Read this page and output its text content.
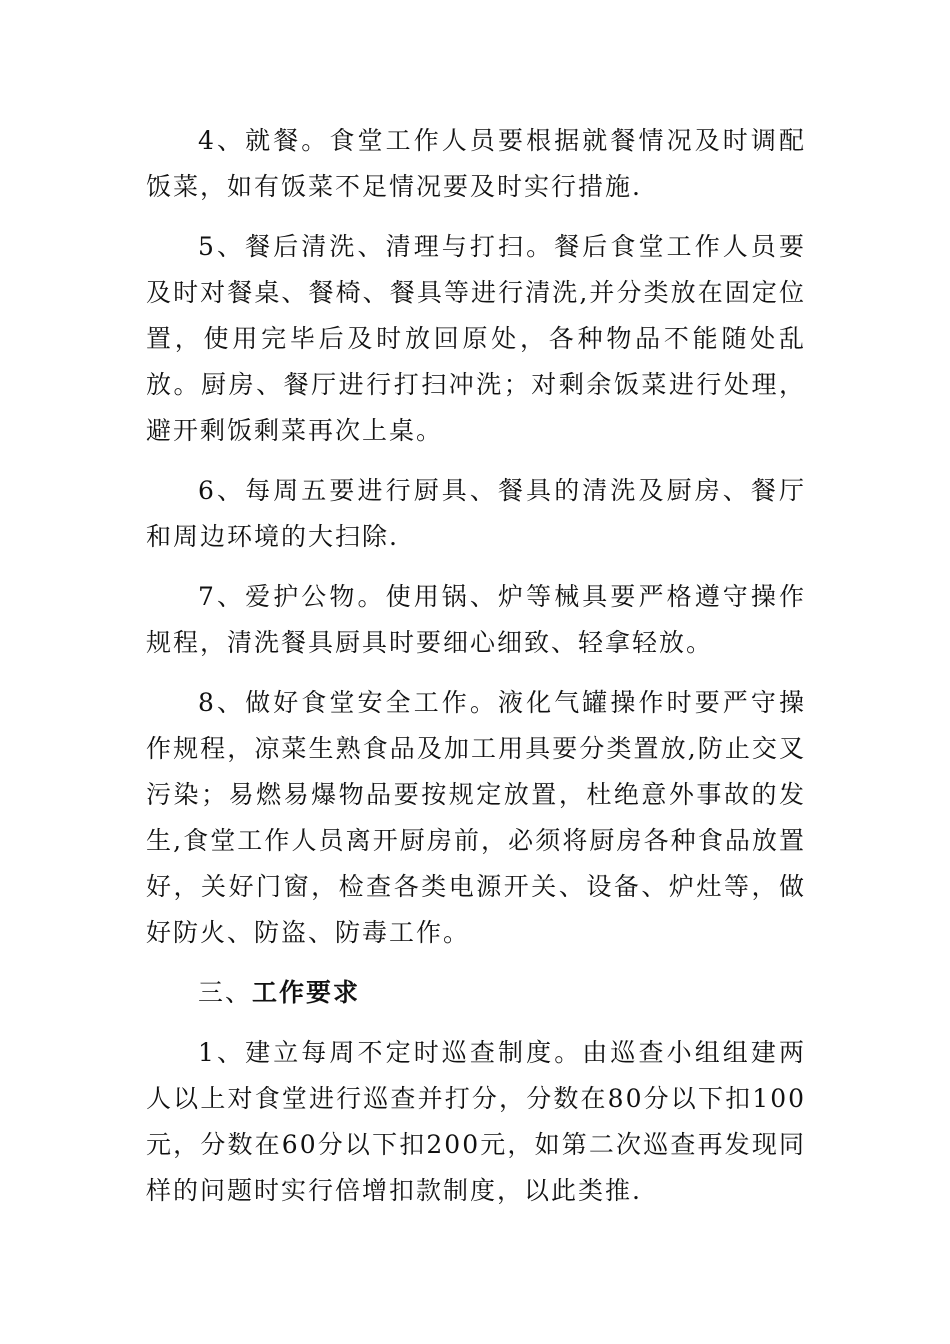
4、就餐。食堂工作人员要根据就餐情况及时调配饭菜，如有饭菜不足情况要及时实行措施.

5、餐后清洗、清理与打扫。餐后食堂工作人员要及时对餐桌、餐椅、餐具等进行清洗,并分类放在固定位置，使用完毕后及时放回原处，各种物品不能随处乱放。厨房、餐厅进行打扫冲洗；对剩余饭菜进行处理，避开剩饭剩菜再次上桌。

6、每周五要进行厨具、餐具的清洗及厨房、餐厅和周边环境的大扫除.

7、爱护公物。使用锅、炉等械具要严格遵守操作规程，清洗餐具厨具时要细心细致、轻拿轻放。

8、做好食堂安全工作。液化气罐操作时要严守操作规程，凉菜生熟食品及加工用具要分类置放,防止交叉污染；易燃易爆物品要按规定放置，杜绝意外事故的发生,食堂工作人员离开厨房前，必须将厨房各种食品放置好，关好门窗，检查各类电源开关、设备、炉灶等，做好防火、防盗、防毒工作。

三、工作要求

1、建立每周不定时巡查制度。由巡查小组组建两人以上对食堂进行巡查并打分，分数在80分以下扣100元，分数在60分以下扣200元，如第二次巡查再发现同样的问题时实行倍增扣款制度，以此类推.
